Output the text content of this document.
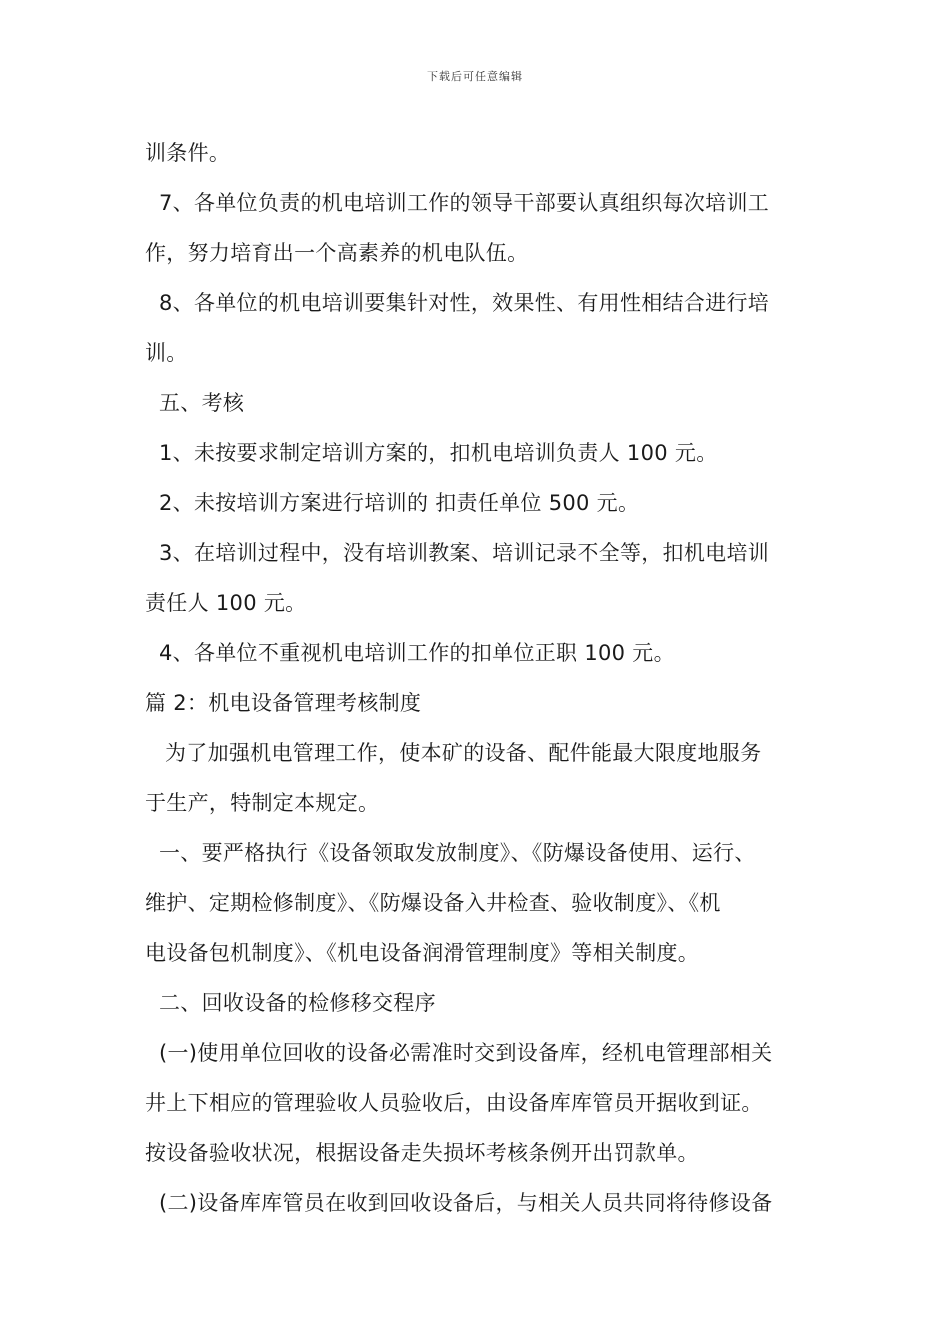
下载后可任意编辑
训条件。
7、各单位负责的机电培训工作的领导干部要认真组织每次培训工
作，努力培育出一个高素养的机电队伍。
8、各单位的机电培训要集针对性，效果性、有用性相结合进行培
训。
五、考核
1、未按要求制定培训方案的，扣机电培训负责人 100 元。
2、未按培训方案进行培训的 扣责任单位 500 元。
3、在培训过程中，没有培训教案、培训记录不全等，扣机电培训
责任人 100 元。
4、各单位不重视机电培训工作的扣单位正职 100 元。
篇 2：机电设备管理考核制度
为了加强机电管理工作，使本矿的设备、配件能最大限度地服务
于生产，特制定本规定。
一、要严格执行《设备领取发放制度》、《防爆设备使用、运行、
维护、定期检修制度》、《防爆设备入井检查、验收制度》、《机
电设备包机制度》、《机电设备润滑管理制度》等相关制度。
二、回收设备的检修移交程序
(一)使用单位回收的设备必需准时交到设备库，经机电管理部相关
井上下相应的管理验收人员验收后，由设备库库管员开据收到证。
按设备验收状况，根据设备走失损坏考核条例开出罚款单。
(二)设备库库管员在收到回收设备后，与相关人员共同将待修设备
